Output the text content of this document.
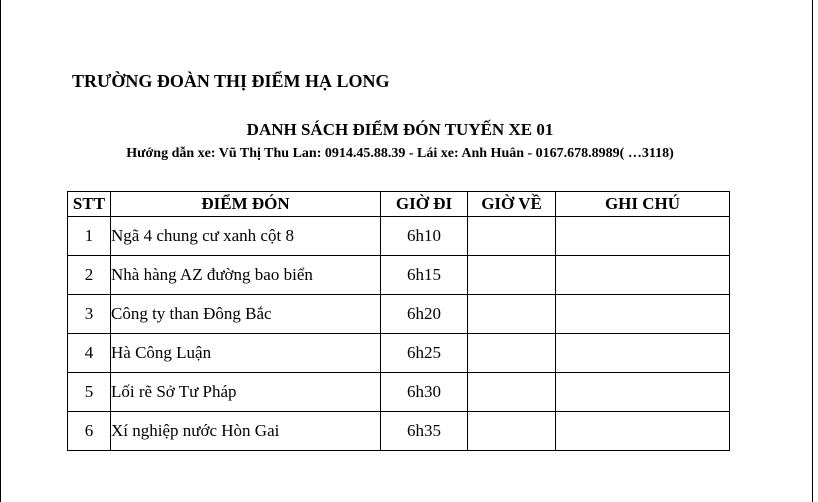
TRƯỜNG ĐOÀN THỊ ĐIỂM HẠ LONG
DANH SÁCH ĐIỂM ĐÓN TUYẾN XE 01
Hướng dẫn xe: Vũ Thị Thu Lan: 0914.45.88.39 - Lái xe: Anh Huân - 0167.678.8989( …3118)
STT	ĐIỂM ĐÓN	GIỜ ĐI	GIỜ VỀ	GHI CHÚ
1	Ngã 4 chung cư xanh cột 8	6h10		
2	Nhà hàng AZ đường bao biển	6h15		
3	Công ty than Đông Bắc	6h20		
4	Hà Công Luận	6h25		
5	Lối rẽ Sở Tư Pháp	6h30		
6	Xí nghiệp nước Hòn Gai	6h35		
